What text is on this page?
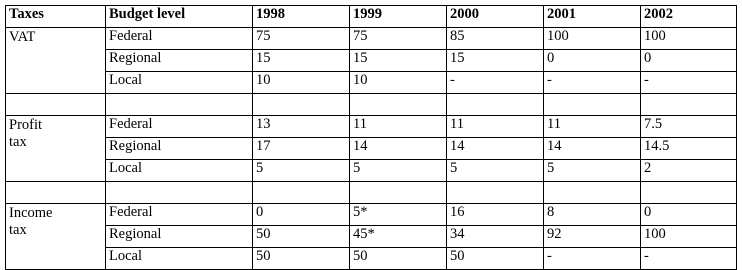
Taxes	Budget level	1998	1999	2000	2001	2002

VAT	Federal	75	75	85	100	100
	Regional	15	15	15	0	0
	Local	10	10	-	-	-

Profit
tax	Federal	13	11	11	11	7.5
	Regional	17	14	14	14	14.5
	Local	5	5	5	5	2

Income
tax	Federal	0	5*	16	8	0
	Regional	50	45*	34	92	100
	Local	50	50	50	-	-
